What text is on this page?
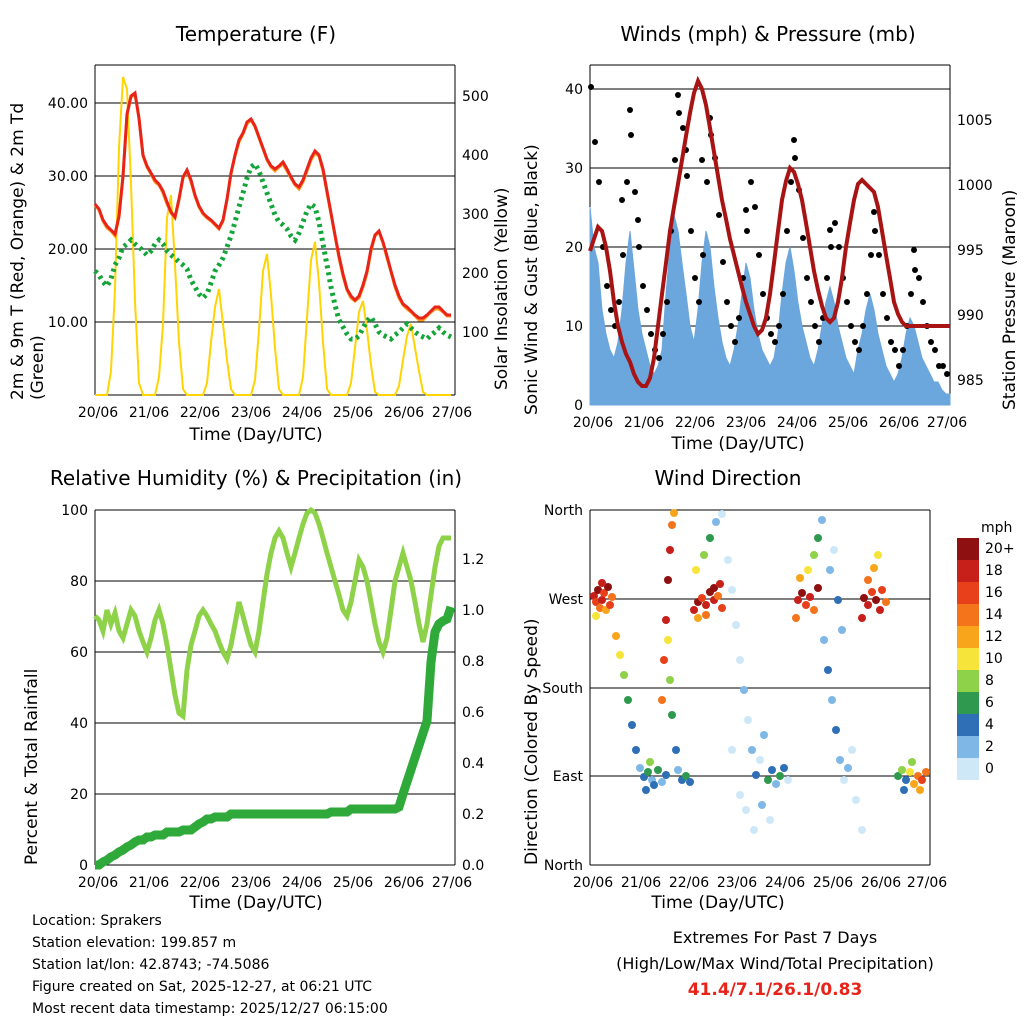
Temperature (F)
10.00
20.00
30.00
40.00
100
200
300
400
500
20/06 21/06 22/06 23/06 24/06 25/06 26/06 27/06
Time (Day/UTC)
2m & 9m T (Red, Orange) & 2m Td (Green)	Solar Insolation (Yellow)
Winds (mph) & Pressure (mb)
0
10
20
30
40
985
990
995
1000
1005
20/06 21/06 22/06 23/06 24/06 25/06 26/06 27/06
Time (Day/UTC)
Sonic Wind & Gust (Blue, Black)	Station Pressure (Maroon)
Relative Humidity (%) & Precipitation (in)
0
20
40
60
80
100
0.0
0.2
0.4
0.6
0.8
1.0
1.2
20/06 21/06 22/06 23/06 24/06 25/06 26/06 27/06
Time (Day/UTC)
Percent & Total Rainfall
Wind Direction
North
West
South
East
North
20/06 21/06 22/06 23/06 24/06 25/06 26/06 27/06
Time (Day/UTC)
Direction (Colored By Speed)
mph
20+
18
16
14
12
10
8
6
4
2
0
Location: Sprakers
Station elevation: 199.857 m
Station lat/lon: 42.8743; -74.5086
Figure created on Sat, 2025-12-27, at 06:21 UTC
Most recent data timestamp: 2025/12/27 06:15:00
Extremes For Past 7 Days
(High/Low/Max Wind/Total Precipitation)
41.4/7.1/26.1/0.83
